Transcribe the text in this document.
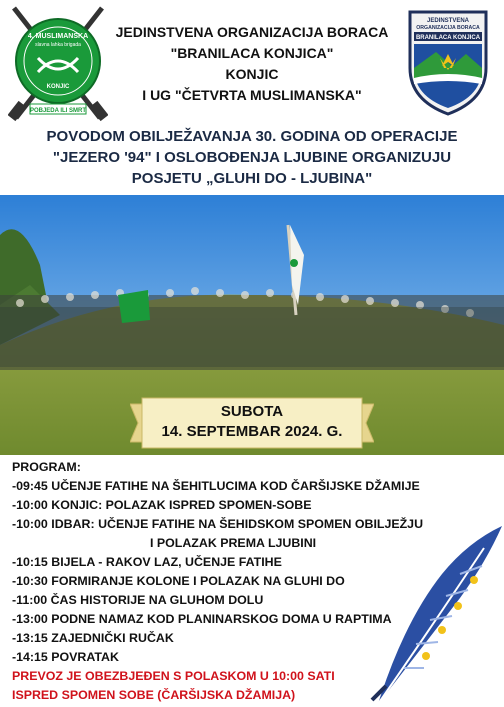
4. MUSLIMANSKA
slavna lahka brigada
KONJIC
POBJEDA ILI SMRT
JEDINSTVENA ORGANIZACIJA BORACA
"BRANILACA KONJICA"
KONJIC
I UG "ČETVRTA MUSLIMANSKA"
JEDINSTVENA
ORGANIZACIJA BORACA
BRANILACA KONJICA
POVODOM OBILJEŽAVANJA 30. GODINA OD OPERACIJE
"JEZERO '94" I OSLOBOĐENJA LJUBINE ORGANIZUJU
POSJETU „GLUHI DO - LJUBINA"
SUBOTA
14. SEPTEMBAR 2024. G.
PROGRAM:
-09:45 UČENJE FATIHE NA ŠEHITLUCIMA KOD ČARŠIJSKE DŽAMIJE
-10:00 KONJIC: POLAZAK ISPRED SPOMEN-SOBE
-10:00 IDBAR: UČENJE FATIHE NA ŠEHIDSKOM SPOMEN OBILJEŽJU
I POLAZAK PREMA LJUBINI
-10:15 BIJELA - RAKOV LAZ, UČENJE FATIHE
-10:30 FORMIRANJE KOLONE I POLAZAK NA GLUHI DO
-11:00 ČAS HISTORIJE NA GLUHOM DOLU
-13:00 PODNE NAMAZ KOD PLANINARSKOG DOMA U RAPTIMA
-13:15 ZAJEDNIČKI RUČAK
-14:15 POVRATAK
PREVOZ JE OBEZBJEĐEN S POLASKOM U 10:00 SATI
ISPRED SPOMEN SOBE (ČARŠIJSKA DŽAMIJA)
